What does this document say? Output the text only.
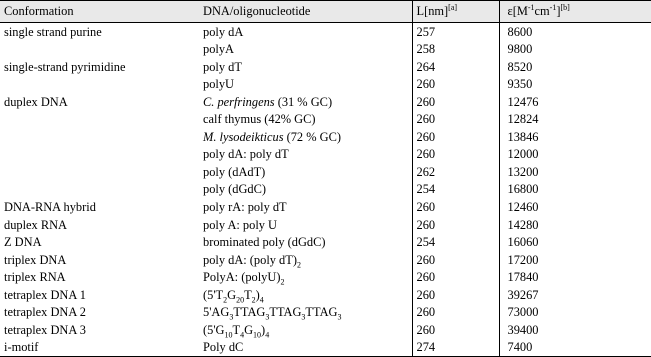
Conformation	DNA/oligonucleotide	L[nm][a]	$\varepsilon[M^{-1}cm^{-1}][b]$
single strand purine	poly dA	257	8600
	polyA	258	9800
single-strand pyrimidine	poly dT	264	8520
	polyU	260	9350
duplex DNA	C. perfringens (31 % GC)	260	12476
	calf thymus (42% GC)	260	12824
	M. lysodeikticus (72 % GC)	260	13846
	poly dA: poly dT	260	12000
	poly (dAdT)	262	13200
	poly (dGdC)	254	16800
DNA-RNA hybrid	poly rA: poly dT	260	12460
duplex RNA	poly A: poly U	260	14280
Z DNA	brominated poly (dGdC)	254	16060
triplex DNA	poly dA: (poly $dT)_2$	260	17200
triplex RNA	PolyA: $(polyU)_2$	260	17840
tetraplex DNA 1	$(5'T_2G_{20}T_2)_4$	260	39267
tetraplex DNA 2	$5'AG_3TTAG_3TTAG_3TTAG_3$	260	73000
tetraplex DNA 3	$(5'G_{10}T_4G_{10})_4$	260	39400
i-motif	Poly dC	274	7400
